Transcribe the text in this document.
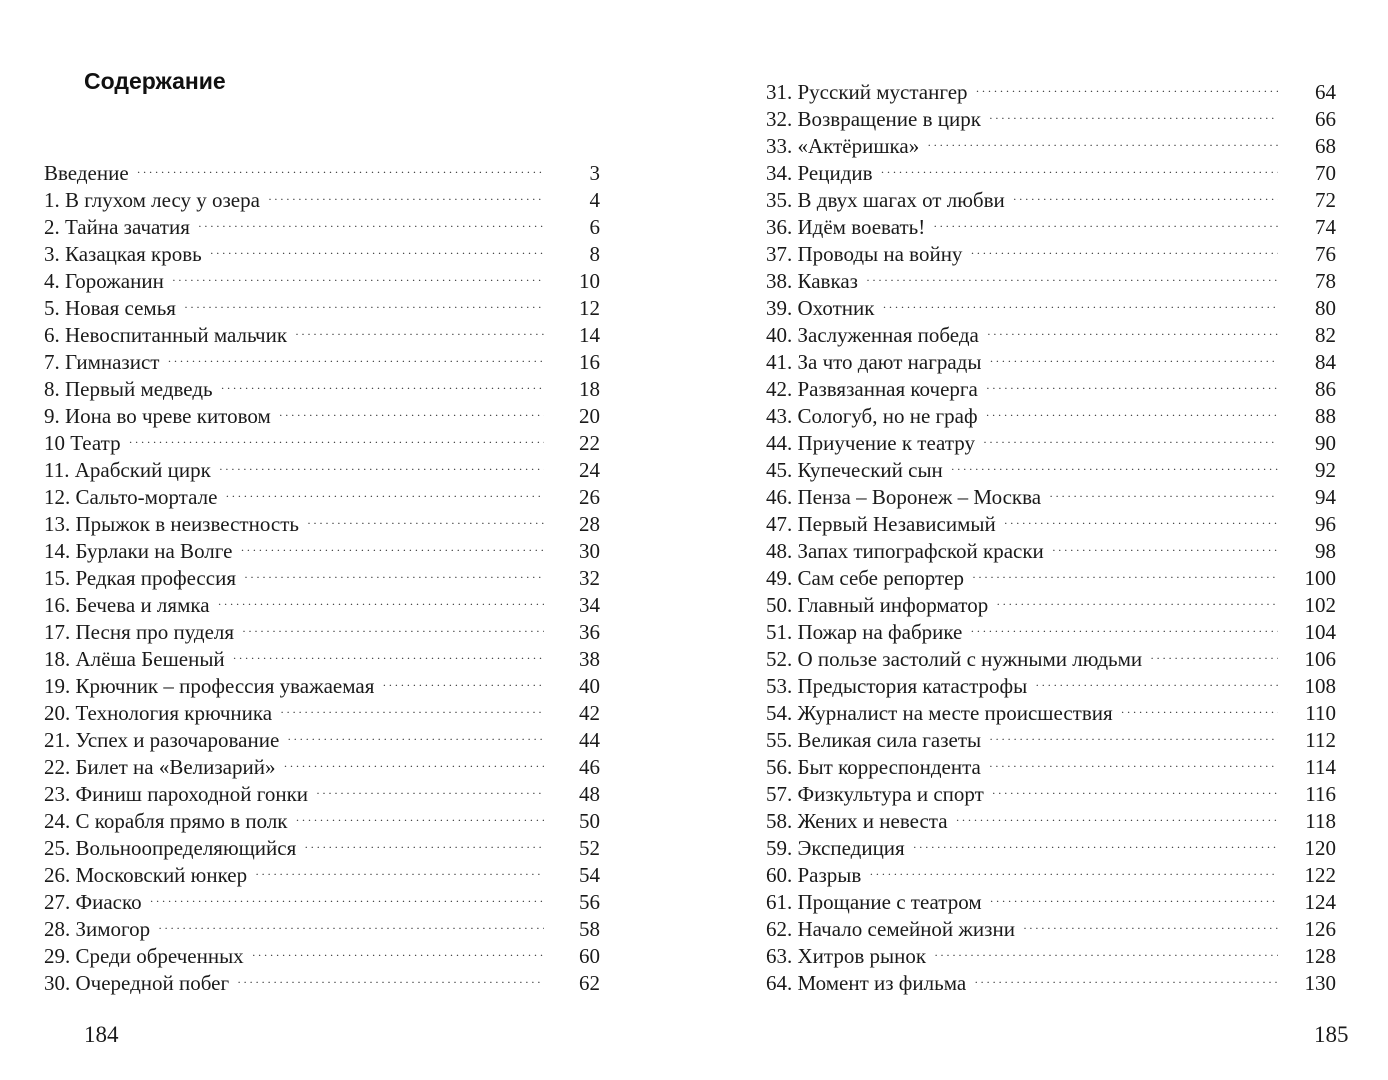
Содержание
Введение ·····	3
1. В глухом лесу у озера ·····	4
2. Тайна зачатия ·····	6
3. Казацкая кровь ·····	8
4. Горожанин ·····	10
5. Новая семья ·····	12
6. Невоспитанный мальчик ·····	14
7. Гимназист ·····	16
8. Первый медведь ·····	18
9. Иона во чреве китовом ·····	20
10 Театр ·····	22
11. Арабский цирк ·····	24
12. Сальто-мортале ·····	26
13. Прыжок в неизвестность ·····	28
14. Бурлаки на Волге ·····	30
15. Редкая профессия ·····	32
16. Бечева и лямка ·····	34
17. Песня про пуделя ·····	36
18. Алёша Бешеный ·····	38
19. Крючник – профессия уважаемая ·····	40
20. Технология крючника ·····	42
21. Успех и разочарование ·····	44
22. Билет на «Велизарий» ·····	46
23. Финиш пароходной гонки ·····	48
24. С корабля прямо в полк ·····	50
25. Вольноопределяющийся ·····	52
26. Московский юнкер ·····	54
27. Фиаско ·····	56
28. Зимогор ·····	58
29. Среди обреченных ·····	60
30. Очередной побег ·····	62
184
31. Русский мустангер ·····	64
32. Возвращение в цирк ·····	66
33. «Актёришка» ·····	68
34. Рецидив ·····	70
35. В двух шагах от любви ·····	72
36. Идём воевать! ·····	74
37. Проводы на войну ·····	76
38. Кавказ ·····	78
39. Охотник ·····	80
40. Заслуженная победа ·····	82
41. За что дают награды ·····	84
42. Развязанная кочерга ·····	86
43. Сологуб, но не граф ·····	88
44. Приучение к театру ·····	90
45. Купеческий сын ·····	92
46. Пенза – Воронеж – Москва ·····	94
47. Первый Независимый ·····	96
48. Запах типографской краски ·····	98
49. Сам себе репортер ·····	100
50. Главный информатор ·····	102
51. Пожар на фабрике ·····	104
52. О пользе застолий с нужными людьми ·····	106
53. Предыстория катастрофы ·····	108
54. Журналист на месте происшествия ·····	110
55. Великая сила газеты ·····	112
56. Быт корреспондента ·····	114
57. Физкультура и спорт ·····	116
58. Жених и невеста ·····	118
59. Экспедиция ·····	120
60. Разрыв ·····	122
61. Прощание с театром ·····	124
62. Начало семейной жизни ·····	126
63. Хитров рынок ·····	128
64. Момент из фильма ·····	130
185
